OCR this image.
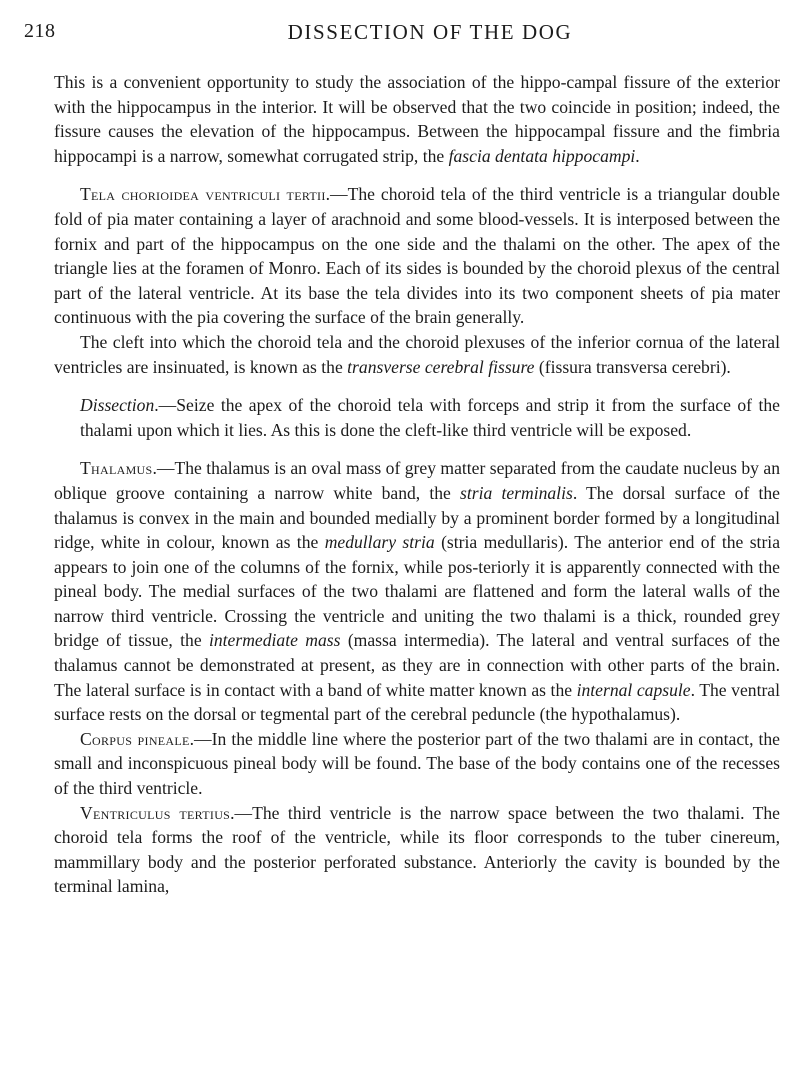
218	DISSECTION OF THE DOG

This is a convenient opportunity to study the association of the hippo-campal fissure of the exterior with the hippocampus in the interior. It will be observed that the two coincide in position; indeed, the fissure causes the elevation of the hippocampus. Between the hippocampal fissure and the fimbria hippocampi is a narrow, somewhat corrugated strip, the fascia dentata hippocampi.

Tela chorioidea ventriculi tertii.—The choroid tela of the third ventricle is a triangular double fold of pia mater containing a layer of arachnoid and some blood-vessels. It is interposed between the fornix and part of the hippocampus on the one side and the thalami on the other. The apex of the triangle lies at the foramen of Monro. Each of its sides is bounded by the choroid plexus of the central part of the lateral ventricle. At its base the tela divides into its two component sheets of pia mater continuous with the pia covering the surface of the brain generally.

The cleft into which the choroid tela and the choroid plexuses of the inferior cornua of the lateral ventricles are insinuated, is known as the transverse cerebral fissure (fissura transversa cerebri).

Dissection.—Seize the apex of the choroid tela with forceps and strip it from the surface of the thalami upon which it lies. As this is done the cleft-like third ventricle will be exposed.

Thalamus.—The thalamus is an oval mass of grey matter separated from the caudate nucleus by an oblique groove containing a narrow white band, the stria terminalis. The dorsal surface of the thalamus is convex in the main and bounded medially by a prominent border formed by a longitudinal ridge, white in colour, known as the medullary stria (stria medullaris). The anterior end of the stria appears to join one of the columns of the fornix, while pos-teriorly it is apparently connected with the pineal body. The medial surfaces of the two thalami are flattened and form the lateral walls of the narrow third ventricle. Crossing the ventricle and uniting the two thalami is a thick, rounded grey bridge of tissue, the intermediate mass (massa intermedia). The lateral and ventral surfaces of the thalamus cannot be demonstrated at present, as they are in connection with other parts of the brain. The lateral surface is in contact with a band of white matter known as the internal capsule. The ventral surface rests on the dorsal or tegmental part of the cerebral peduncle (the hypothalamus).

Corpus pineale.—In the middle line where the posterior part of the two thalami are in contact, the small and inconspicuous pineal body will be found. The base of the body contains one of the recesses of the third ventricle.

Ventriculus tertius.—The third ventricle is the narrow space between the two thalami. The choroid tela forms the roof of the ventricle, while its floor corresponds to the tuber cinereum, mammillary body and the posterior perforated substance. Anteriorly the cavity is bounded by the terminal lamina,
